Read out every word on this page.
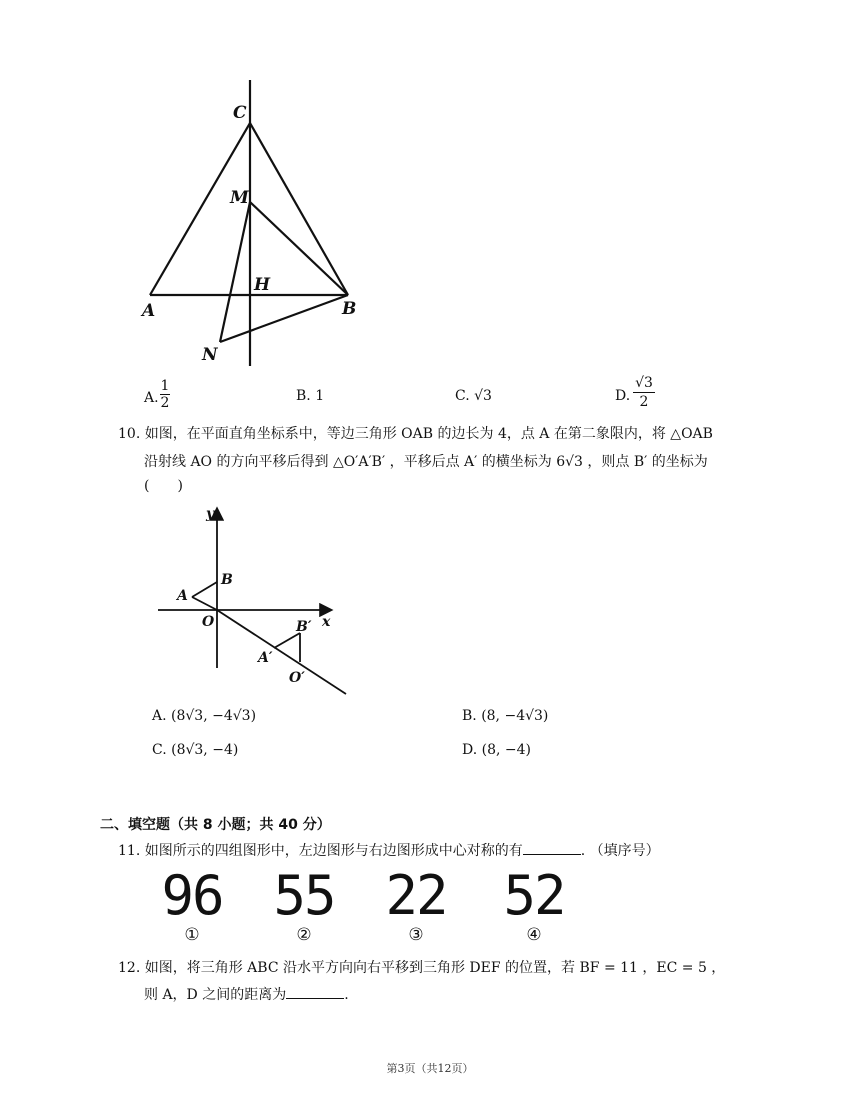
C
M
H
A	B
N
A. $\frac{1}{2}$	B. 1	C. √3	D. $\frac{√3}{2}$
10. 如图，在平面直角坐标系中，等边三角形 OAB 的边长为 4，点 A 在第二象限内，将 △OAB
沿射线 AO 的方向平移后得到 △O′A′B′ ，平移后点 A′ 的横坐标为 6√3 ，则点 B′ 的坐标为
(　　)
y
x
A
B
O	B′
A′
O′
A. (8√3, −4√3)	B. (8, −4√3)
C. (8√3, −4)	D. (8, −4)
二、填空题（共 8 小题；共 40 分）
11. 如图所示的四组图形中，左边图形与右边图形成中心对称的有	. （填序号）
96
①
55
②
22
③
52
④
12. 如图，将三角形 ABC 沿水平方向向右平移到三角形 DEF 的位置，若 BF = 11 ，EC = 5 ，
则 A，D 之间的距离为	.
第3页（共12页）
